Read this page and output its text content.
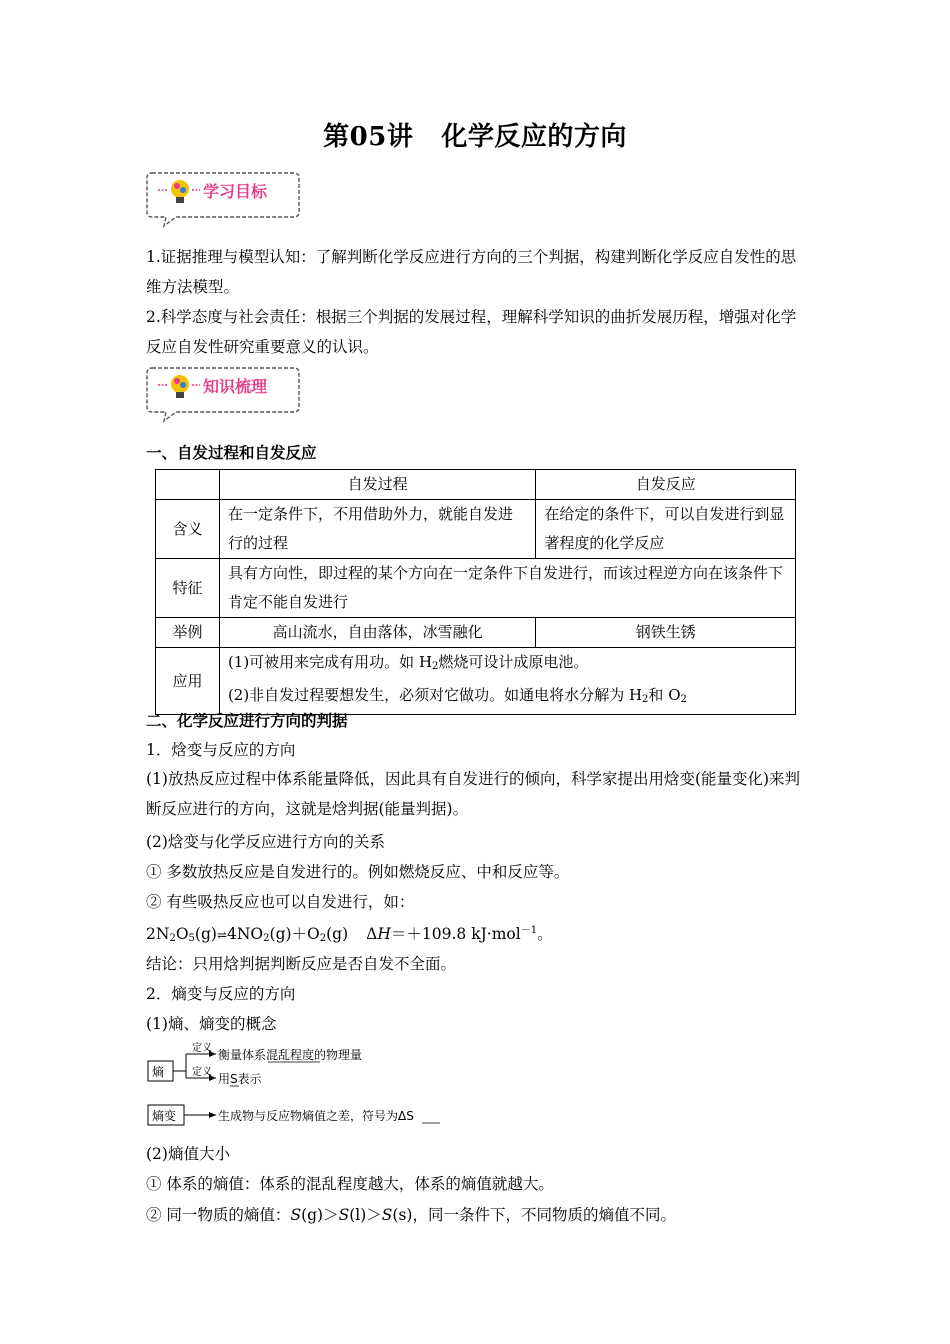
第05讲 化学反应的方向
学习目标
1.证据推理与模型认知：了解判断化学反应进行方向的三个判据，构建判断化学反应自发性的思维方法模型。
2.科学态度与社会责任：根据三个判据的发展过程，理解科学知识的曲折发展历程，增强对化学反应自发性研究重要意义的认识。
知识梳理
一、自发过程和自发反应
	自发过程	自发反应
含义	在一定条件下，不用借助外力，就能自发进行的过程	在给定的条件下，可以自发进行到显著程度的化学反应
特征	具有方向性，即过程的某个方向在一定条件下自发进行，而该过程逆方向在该条件下肯定不能自发进行	
举例	高山流水，自由落体，冰雪融化	钢铁生锈
应用	(1)可被用来完成有用功。如 $H_2$燃烧可设计成原电池。
(2)非自发过程要想发生，必须对它做功。如通电将水分解为 $H_2$和 $O_2$
二、化学反应进行方向的判据
1．焓变与反应的方向
(1)放热反应过程中体系能量降低，因此具有自发进行的倾向，科学家提出用焓变(能量变化)来判断反应进行的方向，这就是焓判据(能量判据)。
(2)焓变与化学反应进行方向的关系
① 多数放热反应是自发进行的。例如燃烧反应、中和反应等。
② 有些吸热反应也可以自发进行，如：
$2N_2O_5(g)\rightleftharpoons 4NO_2(g)+O_2(g)$ ΔH＝＋109.8 kJ·mol$^{-1}$。
结论：只用焓判据判断反应是否自发不全面。
2．熵变与反应的方向
(1)熵、熵变的概念
熵
定义
定义
衡量体系混乱程度的物理量
用S表示
熵变	生成物与反应物熵值之差，符号为ΔS
(2)熵值大小
① 体系的熵值：体系的混乱程度越大，体系的熵值就越大。
② 同一物质的熵值：S(g)＞S(l)＞S(s)，同一条件下，不同物质的熵值不同。
